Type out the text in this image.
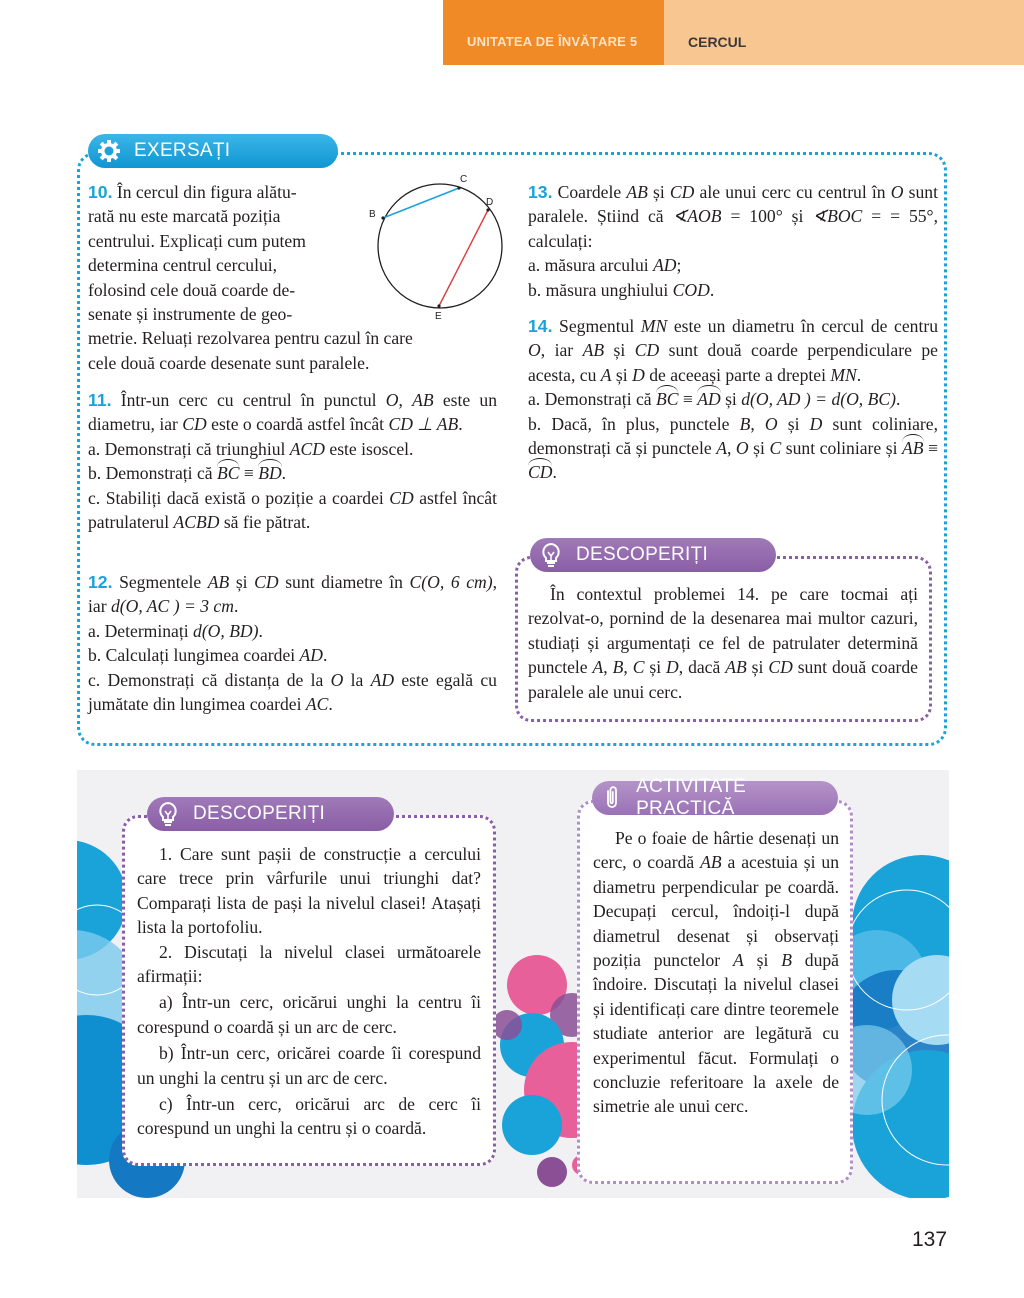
UNITATEA DE ÎNVĂȚARE 5	CERCUL
EXERSAȚI
10. În cercul din figura alătu-
rată nu este marcată poziția
centrului. Explicați cum putem
determina centrul cercului,
folosind cele două coarde de-
senate și instrumente de geo-
metrie. Reluați rezolvarea pentru cazul în care
cele două coarde desenate sunt paralele.
B
C
D
E
11. Într-un cerc cu centrul în punctul O, AB este un diametru, iar CD este o coardă astfel încât CD ⊥ AB.
a. Demonstrați că triunghiul ACD este isoscel.
b. Demonstrați că BC ≡ BD.
c. Stabiliți dacă există o poziție a coardei CD astfel încât patrulaterul ACBD să fie pătrat.
12. Segmentele AB și CD sunt diametre în C(O, 6 cm), iar d(O, AC ) = 3 cm.
a. Determinați d(O, BD).
b. Calculați lungimea coardei AD.
c. Demonstrați că distanța de la O la AD este egală cu jumătate din lungimea coardei AC.
13. Coardele AB și CD ale unui cerc cu centrul în O sunt paralele. Știind că ∢AOB = 100° și ∢BOC = = 55°, calculați:
a. măsura arcului AD;
b. măsura unghiului COD.
14. Segmentul MN este un diametru în cercul de centru O, iar AB și CD sunt două coarde perpendiculare pe acesta, cu A și D de aceeași parte a dreptei MN.
a. Demonstrați că BC ≡ AD și d(O, AD ) = d(O, BC).
b. Dacă, în plus, punctele B, O și D sunt coliniare, demonstrați că și punctele A, O și C sunt coliniare și AB ≡ CD.
DESCOPERIȚI
În contextul problemei 14. pe care tocmai ați rezolvat-o, pornind de la desenarea mai multor cazuri, studiați și argumentați ce fel de patrulater determină punctele A, B, C și D, dacă AB și CD sunt două coarde paralele ale unui cerc.
DESCOPERIȚI
1. Care sunt pașii de construcție a cercului care trece prin vârfurile unui triunghi dat? Comparați lista de pași la nivelul clasei! Atașați lista la portofoliu.
2. Discutați la nivelul clasei următoarele afirmații:
a) Într-un cerc, oricărui unghi la centru îi corespund o coardă și un arc de cerc.
b) Într-un cerc, oricărei coarde îi corespund un unghi la centru și un arc de cerc.
c) Într-un cerc, oricărui arc de cerc îi corespund un unghi la centru și o coardă.
ACTIVITATE PRACTICĂ
Pe o foaie de hârtie desenați un cerc, o coardă AB a acestuia și un diametru perpendicular pe coardă. Decupați cercul, îndoiți-l după diametrul desenat și observați poziția punctelor A și B după îndoire. Discutați la nivelul clasei și identificați care dintre teoremele studiate anterior are legătură cu experimentul făcut. Formulați o concluzie referitoare la axele de simetrie ale unui cerc.
137
